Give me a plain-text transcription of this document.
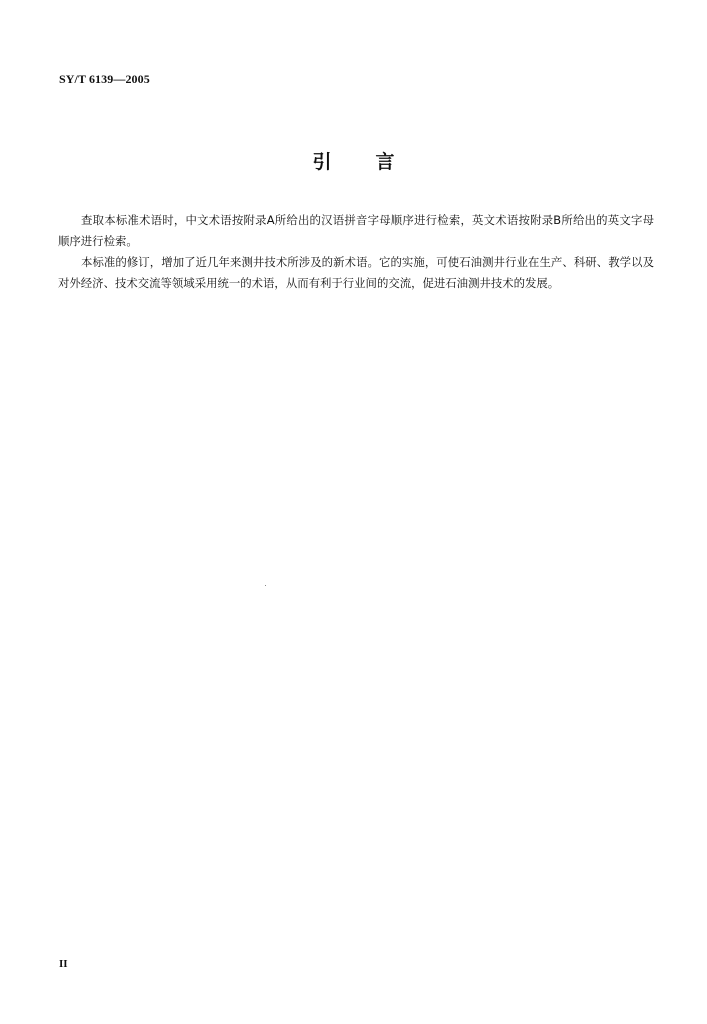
SY/T 6139—2005
引言

查取本标准术语时，中文术语按附录A所给出的汉语拼音字母顺序进行检索，英文术语按附录B所给出的英文字母顺序进行检索。

本标准的修订，增加了近几年来测井技术所涉及的新术语。它的实施，可使石油测井行业在生产、科研、教学以及对外经济、技术交流等领域采用统一的术语，从而有利于行业间的交流，促进石油测井技术的发展。

II
